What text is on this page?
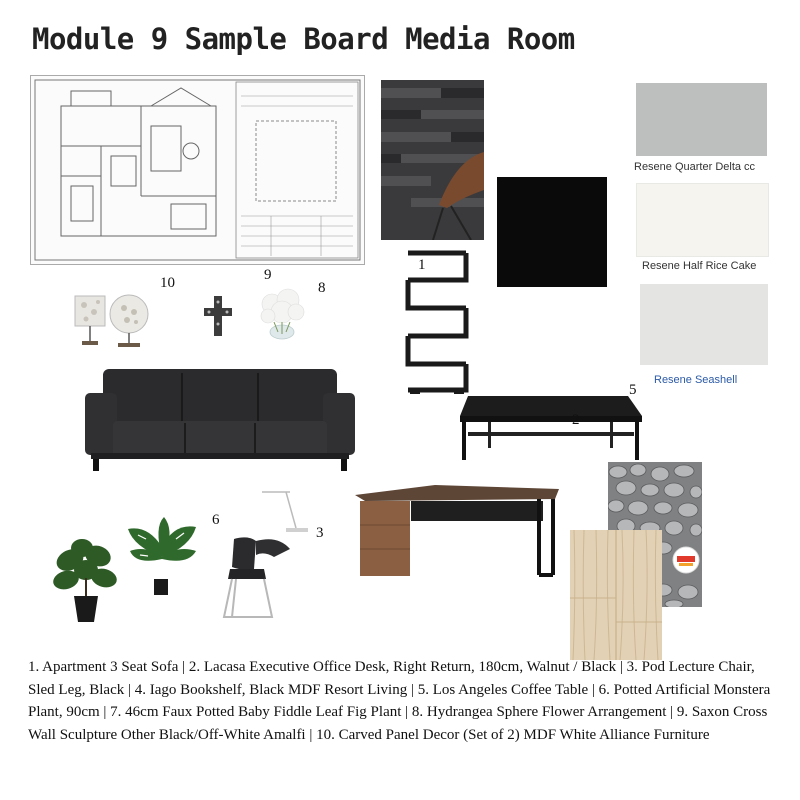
Module 9 Sample Board Media Room
Resene Quarter Delta cc
Resene Half Rice Cake
Resene Seashell
1
10	9
8
5
2
6
3
1. Apartment 3 Seat Sofa | 2. Lacasa Executive Office Desk, Right Return, 180cm, Walnut / Black | 3. Pod Lecture Chair, Sled Leg, Black | 4. Iago Bookshelf, Black MDF Resort Living | 5. Los Angeles Coffee Table | 6. Potted Artificial Monstera Plant, 90cm | 7. 46cm Faux Potted Baby Fiddle Leaf Fig Plant | 8. Hydrangea Sphere Flower Arrangement | 9. Saxon Cross Wall Sculpture Other Black/Off-White Amalfi | 10. Carved Panel Decor (Set of 2) MDF White Alliance Furniture
